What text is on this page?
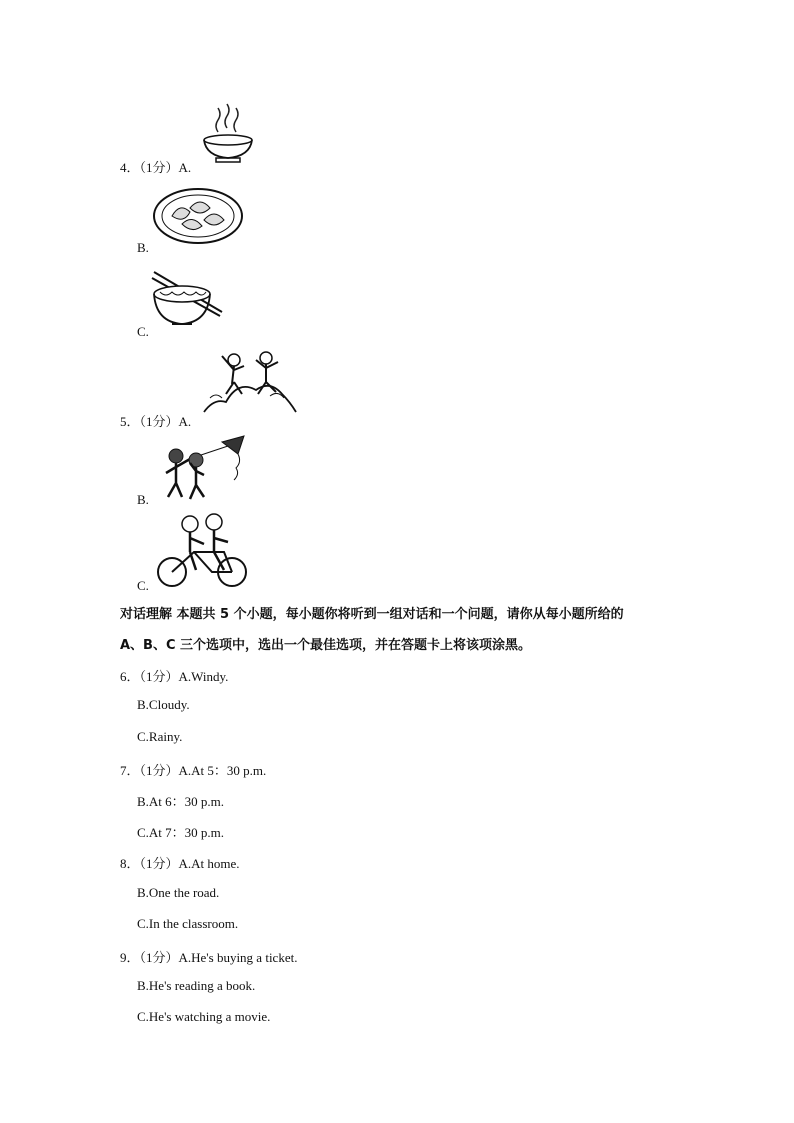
4．（1分）A.
B.
C.
5．（1分）A.
B.
C.
对话理解 本题共 5 个小题，每小题你将听到一组对话和一个问题，请你从每小题所给的
A、B、C 三个选项中，选出一个最佳选项，并在答题卡上将该项涂黑。
6．（1分）A.Windy.
B.Cloudy.
C.Rainy.
7．（1分）A.At 5：30 p.m.
B.At 6：30 p.m.
C.At 7：30 p.m.
8．（1分）A.At home.
B.One the road.
C.In the classroom.
9．（1分）A.He's buying a ticket.
B.He's reading a book.
C.He's watching a movie.
